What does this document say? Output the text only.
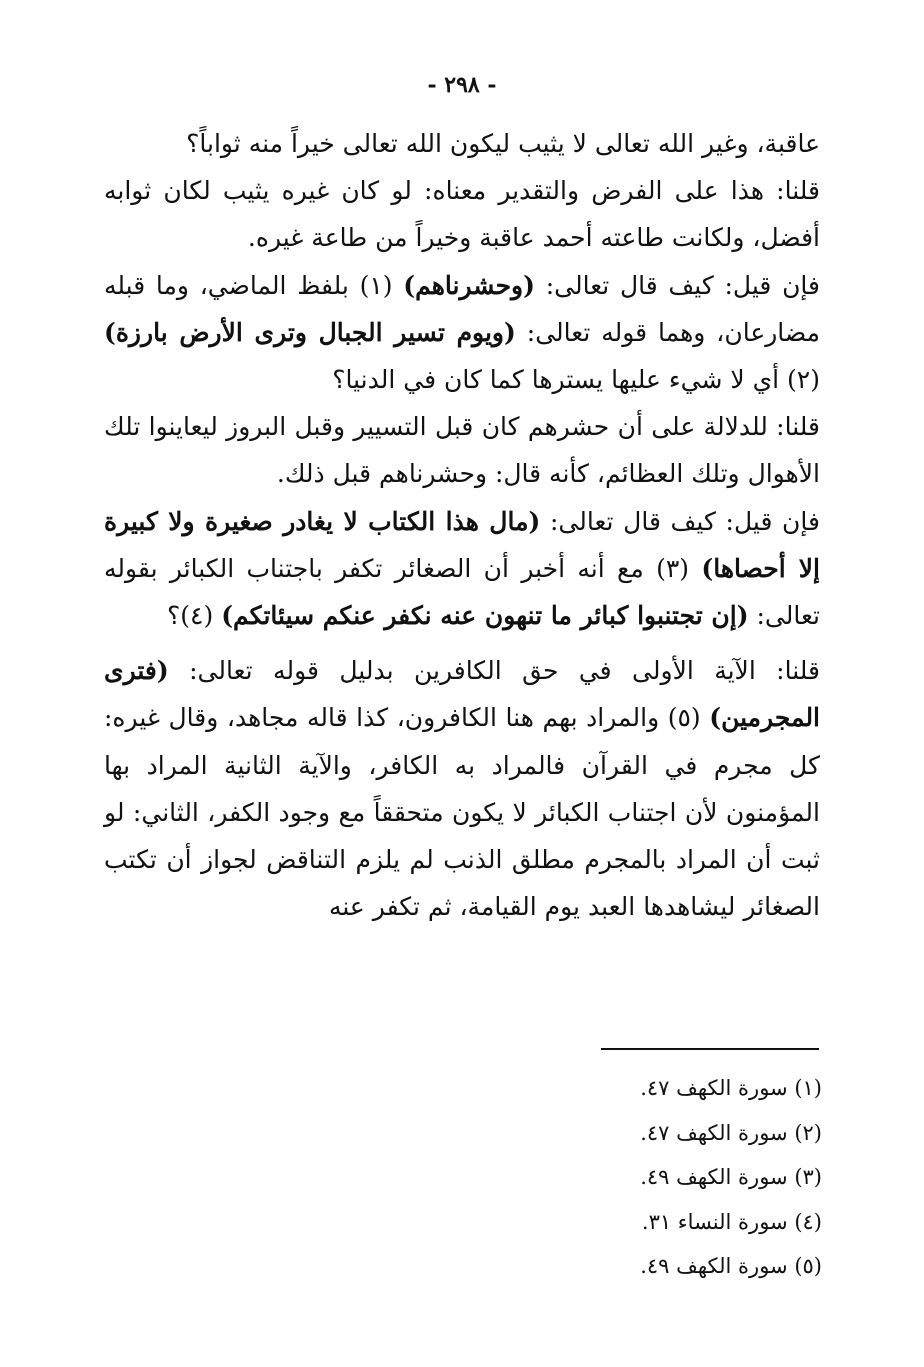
- ٢٩٨ -

عاقبة، وغير الله تعالى لا يثيب ليكون الله تعالى خيراً منه ثواباً؟

قلنا: هذا على الفرض والتقدير معناه: لو كان غيره يثيب لكان ثوابه أفضل، ولكانت طاعته أحمد عاقبة وخيراً من طاعة غيره.

فإن قيل: كيف قال تعالى: (وحشرناهم) (١) بلفظ الماضي، وما قبله مضارعان، وهما قوله تعالى: (ويوم تسير الجبال وترى الأرض بارزة) (٢) أي لا شيء عليها يسترها كما كان في الدنيا؟

قلنا: للدلالة على أن حشرهم كان قبل التسيير وقبل البروز ليعاينوا تلك الأهوال وتلك العظائم، كأنه قال: وحشرناهم قبل ذلك.

فإن قيل: كيف قال تعالى: (مال هذا الكتاب لا يغادر صغيرة ولا كبيرة إلا أحصاها) (٣) مع أنه أخبر أن الصغائر تكفر باجتناب الكبائر بقوله تعالى: (إن تجتنبوا كبائر ما تنهون عنه نكفر عنكم سيئاتكم) (٤)؟

قلنا: الآية الأولى في حق الكافرين بدليل قوله تعالى: (فترى المجرمين) (٥) والمراد بهم هنا الكافرون، كذا قاله مجاهد، وقال غيره: كل مجرم في القرآن فالمراد به الكافر، والآية الثانية المراد بها المؤمنون لأن اجتناب الكبائر لا يكون متحققاً مع وجود الكفر، الثاني: لو ثبت أن المراد بالمجرم مطلق الذنب لم يلزم التناقض لجواز أن تكتب الصغائر ليشاهدها العبد يوم القيامة، ثم تكفر عنه

(١) سورة الكهف ٤٧.

(٢) سورة الكهف ٤٧.

(٣) سورة الكهف ٤٩.

(٤) سورة النساء ٣١.

(٥) سورة الكهف ٤٩.
